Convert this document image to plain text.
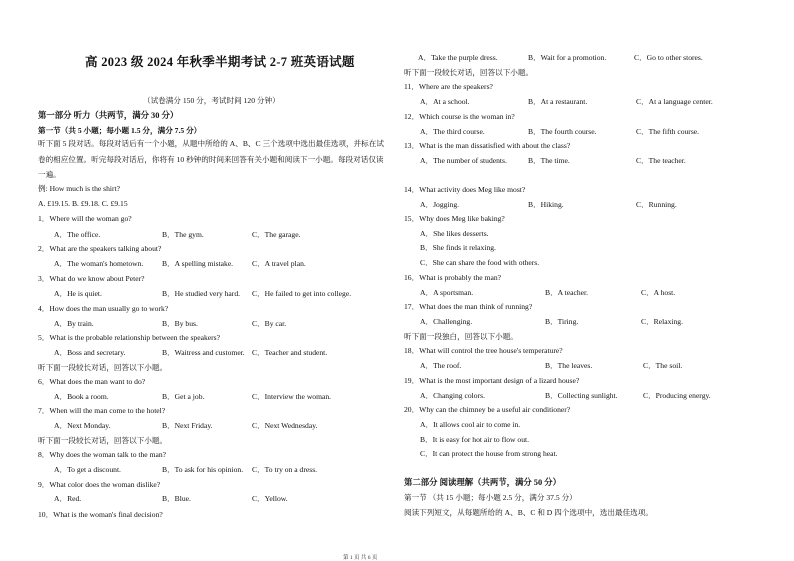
高 2023 级 2024 年秋季半期考试 2-7 班英语试题
（试卷满分 150 分，考试时间 120 分钟）
第一部分 听力（共两节，满分 30 分）
第一节（共 5 小题；每小题 1.5 分，满分 7.5 分）
听下面 5 段对话。每段对话后有一个小题，从题中所给的 A、B、C 三个选项中选出最佳选项，并标在试卷的相应位置。听完每段对话后，你将有 10 秒钟的时间来回答有关小题和阅读下一小题。每段对话仅读一遍。
例: How much is the shirt?
A. £19.15. B. £9.18. C. £9.15
1．Where will the woman go?
A．The office.	B．The gym.	C．The garage.
2．What are the speakers talking about?
A．The woman's hometown. B．A spelling mistake. C．A travel plan.
3．What do we know about Peter?
A．He is quiet.	B．He studied very hard. C．He failed to get into college.
4．How does the man usually go to work?
A．By train.	B．By bus.	C．By car.
5．What is the probable relationship between the speakers?
A．Boss and secretary.	B．Waitress and customer. C．Teacher and student.
听下面一段较长对话，回答以下小题。
6．What does the man want to do?
A．Book a room.	B．Get a job.	C．Interview the woman.
7．When will the man come to the hotel?
A．Next Monday.	B．Next Friday.	C．Next Wednesday.
听下面一段较长对话，回答以下小题。
8．Why does the woman talk to the man?
A．To get a discount.	B．To ask for his opinion. C．To try on a dress.
9．What color does the woman dislike?
A．Red.	B．Blue.	C．Yellow.
10．What is the woman's final decision?
A．Take the purple dress.	B．Wait for a promotion.	C．Go to other stores.
听下面一段较长对话，回答以下小题。
11．Where are the speakers?
A．At a school.	B．At a restaurant.	C．At a language center.
12．Which course is the woman in?
A．The third course.	B．The fourth course.	C．The fifth course.
13．What is the man dissatisfied with about the class?
A．The number of students.	B．The time.	C．The teacher.
14．What activity does Meg like most?
A．Jogging.	B．Hiking.	C．Running.
15．Why does Meg like baking?
A．She likes desserts.
B．She finds it relaxing.
C．She can share the food with others.
16．What is probably the man?
A．A sportsman.	B．A teacher.	C．A host.
17．What does the man think of running?
A．Challenging.	B．Tiring.	C．Relaxing.
听下面一段独白，回答以下小题。
18．What will control the tree house's temperature?
A．The roof.	B．The leaves.	C．The soil.
19．What is the most important design of a lizard house?
A．Changing colors.	B．Collecting sunlight.	C．Producing energy.
20．Why can the chimney be a useful air conditioner?
A．It allows cool air to come in.
B．It is easy for hot air to flow out.
C．It can protect the house from strong heat.
第二部分 阅读理解（共两节，满分 50 分）
第一节 （共 15 小题；每小题 2.5 分，满分 37.5 分）
阅读下列短文，从每题所给的 A、B、C 和 D 四个选项中，选出最佳选项。
第 1 页 共 6 页
